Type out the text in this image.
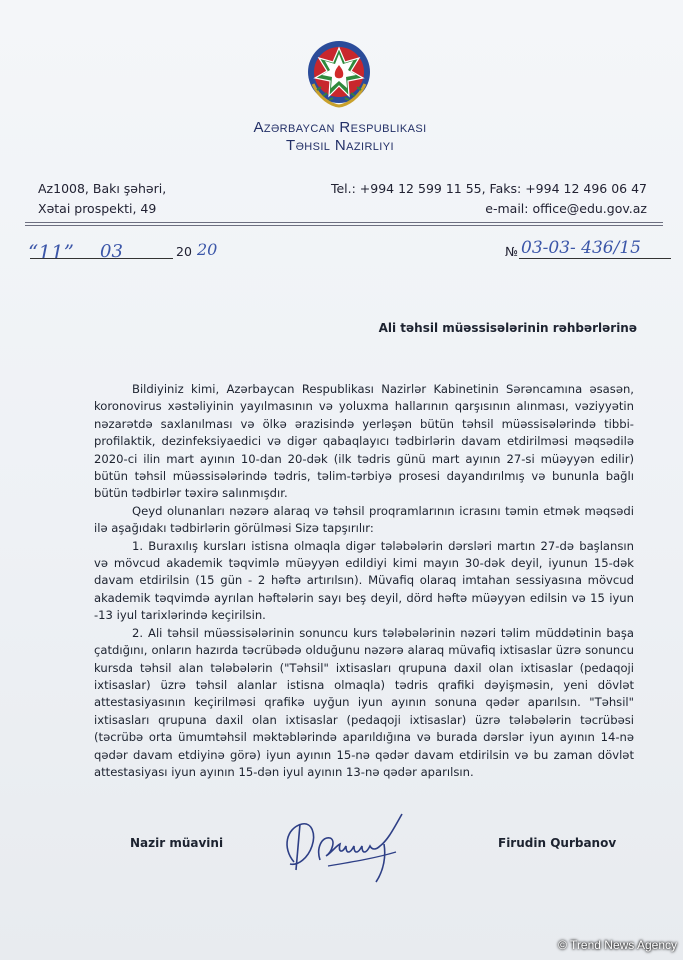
Azərbaycan Respublikası
Təhsil Nazirliyi
Az1008, Bakı şəhəri,
Xətai prospekti, 49
Tel.: +994 12 599 11 55, Faks: +994 12 496 06 47
e-mail: office@edu.gov.az
“11” 03	20 20	№ 03-03- 436/15
Ali təhsil müəssisələrinin rəhbərlərinə

Bildiyiniz kimi, Azərbaycan Respublikası Nazirlər Kabinetinin Sərəncamına əsasən, koronovirus xəstəliyinin yayılmasının və yoluxma hallarının qarşısının alınması, vəziyyətin nəzarətdə saxlanılması və ölkə ərazisində yerləşən bütün təhsil müəssisələrində tibbi-profilaktik, dezinfeksiyaedici və digər qabaqlayıcı tədbirlərin davam etdirilməsi məqsədilə 2020-ci ilin mart ayının 10-dan 20-dək (ilk tədris günü mart ayının 27-si müəyyən edilir) bütün təhsil müəssisələrində tədris, təlim-tərbiyə prosesi dayandırılmış və bununla bağlı bütün tədbirlər təxirə salınmışdır.

Qeyd olunanları nəzərə alaraq və təhsil proqramlarının icrasını təmin etmək məqsədi ilə aşağıdakı tədbirlərin görülməsi Sizə tapşırılır:

1. Buraxılış kursları istisna olmaqla digər tələbələrin dərsləri martın 27-də başlansın və mövcud akademik təqvimlə müəyyən edildiyi kimi mayın 30-dək deyil, iyunun 15-dək davam etdirilsin (15 gün - 2 həftə artırılsın). Müvafiq olaraq imtahan sessiyasına mövcud akademik təqvimdə ayrılan həftələrin sayı beş deyil, dörd həftə müəyyən edilsin və 15 iyun -13 iyul tarixlərində keçirilsin.

2. Ali təhsil müəssisələrinin sonuncu kurs tələbələrinin nəzəri təlim müddətinin başa çatdığını, onların hazırda təcrübədə olduğunu nəzərə alaraq müvafiq ixtisaslar üzrə sonuncu kursda təhsil alan tələbələrin ("Təhsil" ixtisasları qrupuna daxil olan ixtisaslar (pedaqoji ixtisaslar) üzrə təhsil alanlar istisna olmaqla) tədris qrafiki dəyişməsin, yeni dövlət attestasiyasının keçirilməsi qrafikə uyğun iyun ayının sonuna qədər aparılsın. "Təhsil" ixtisasları qrupuna daxil olan ixtisaslar (pedaqoji ixtisaslar) üzrə tələbələrin təcrübəsi (təcrübə orta ümumtəhsil məktəblərində aparıldığına və burada dərslər iyun ayının 14-nə qədər davam etdiyinə görə) iyun ayının 15-nə qədər davam etdirilsin və bu zaman dövlət attestasiyası iyun ayının 15-dən iyul ayının 13-nə qədər aparılsın.

Nazir müavini	Firudin Qurbanov
© Trend News Agency
